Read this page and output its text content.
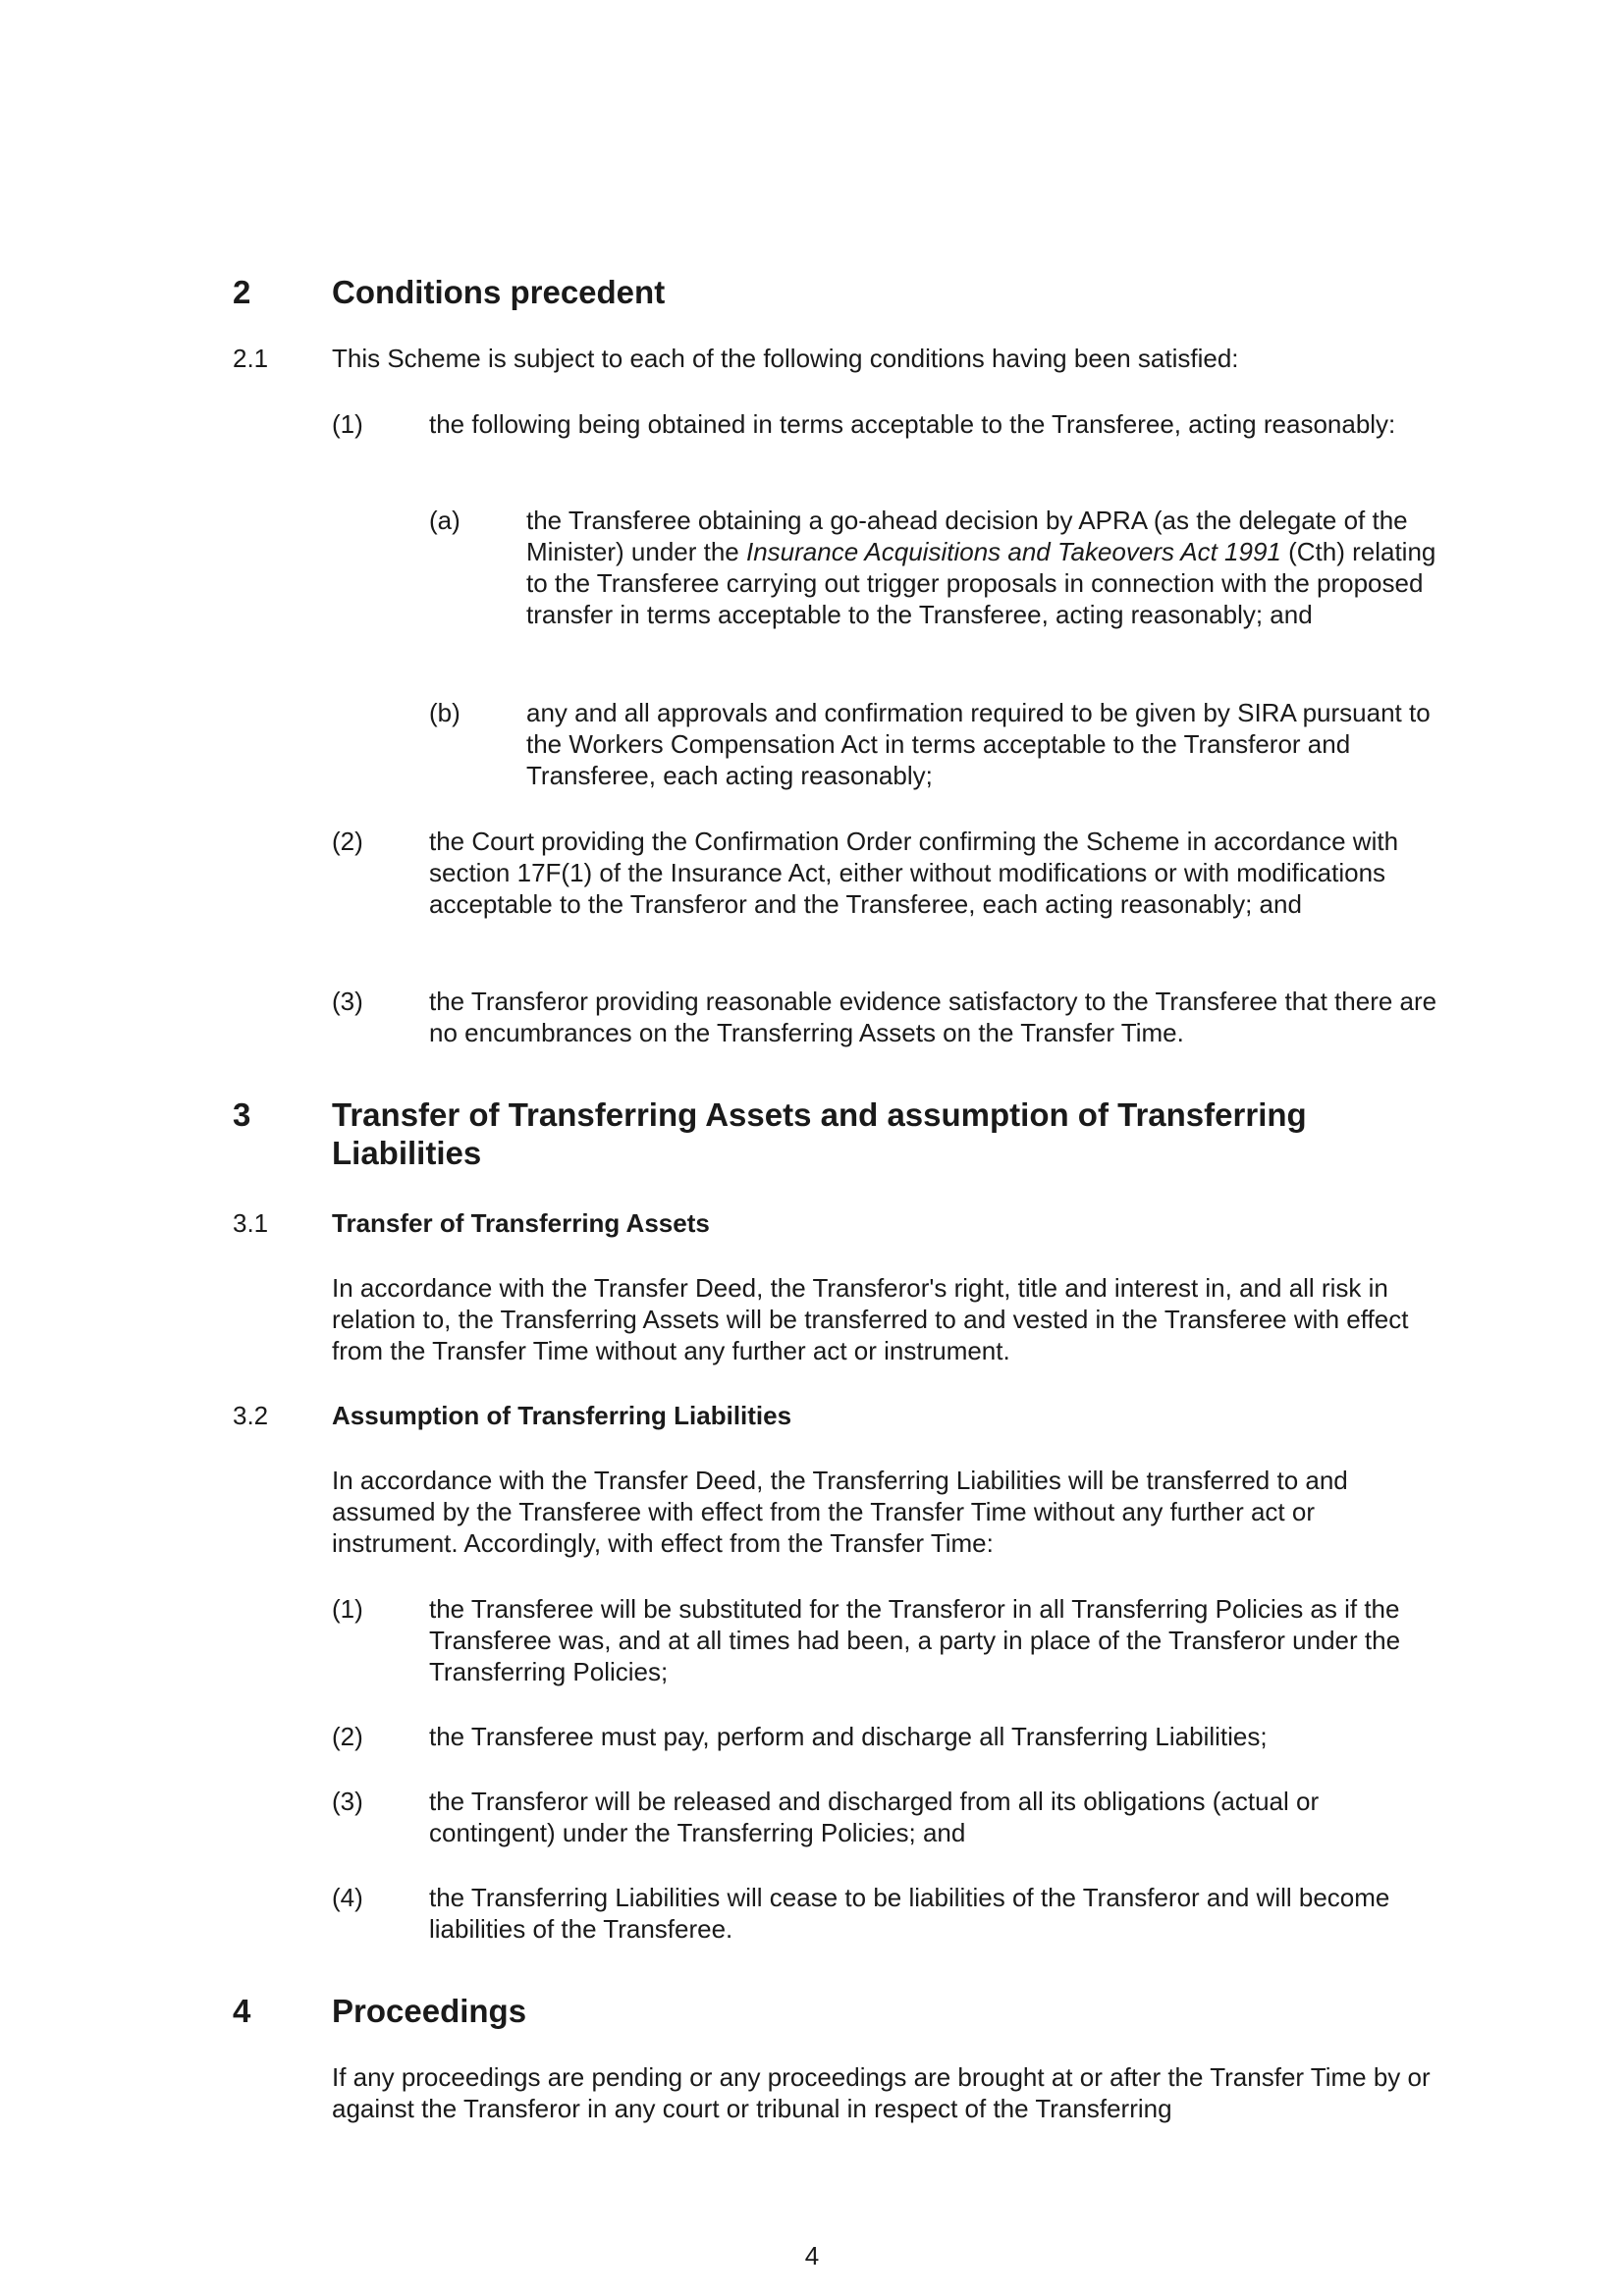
2	Conditions precedent
2.1 This Scheme is subject to each of the following conditions having been satisfied:

(1)	the following being obtained in terms acceptable to the Transferee, acting reasonably:

(a)	the Transferee obtaining a go-ahead decision by APRA (as the delegate of the Minister) under the Insurance Acquisitions and Takeovers Act 1991 (Cth) relating to the Transferee carrying out trigger proposals in connection with the proposed transfer in terms acceptable to the Transferee, acting reasonably; and

(b)	any and all approvals and confirmation required to be given by SIRA pursuant to the Workers Compensation Act in terms acceptable to the Transferor and Transferee, each acting reasonably;

(2)	the Court providing the Confirmation Order confirming the Scheme in accordance with section 17F(1) of the Insurance Act, either without modifications or with modifications acceptable to the Transferor and the Transferee, each acting reasonably; and

(3)	the Transferor providing reasonable evidence satisfactory to the Transferee that there are no encumbrances on the Transferring Assets on the Transfer Time.

3	Transfer of Transferring Assets and assumption of Transferring Liabilities
3.1 Transfer of Transferring Assets

In accordance with the Transfer Deed, the Transferor's right, title and interest in, and all risk in relation to, the Transferring Assets will be transferred to and vested in the Transferee with effect from the Transfer Time without any further act or instrument.

3.2 Assumption of Transferring Liabilities

In accordance with the Transfer Deed, the Transferring Liabilities will be transferred to and assumed by the Transferee with effect from the Transfer Time without any further act or instrument. Accordingly, with effect from the Transfer Time:

(1)	the Transferee will be substituted for the Transferor in all Transferring Policies as if the Transferee was, and at all times had been, a party in place of the Transferor under the Transferring Policies;

(2)	the Transferee must pay, perform and discharge all Transferring Liabilities;

(3)	the Transferor will be released and discharged from all its obligations (actual or contingent) under the Transferring Policies; and

(4)	the Transferring Liabilities will cease to be liabilities of the Transferor and will become liabilities of the Transferee.

4	Proceedings

If any proceedings are pending or any proceedings are brought at or after the Transfer Time by or against the Transferor in any court or tribunal in respect of the Transferring

4
